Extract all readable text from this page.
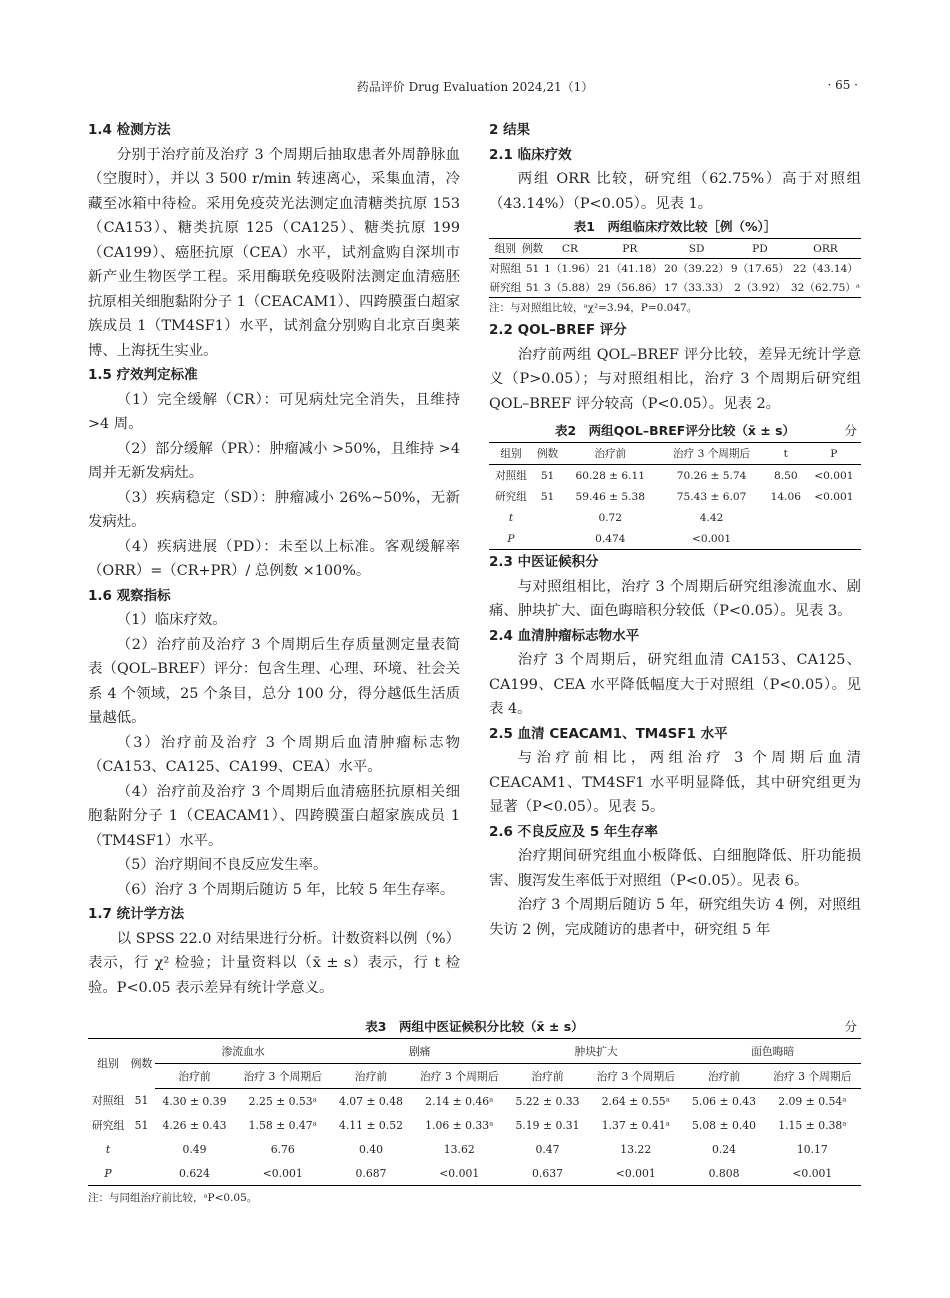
药品评价 Drug Evaluation 2024,21（1）	· 65 ·
1.4 检测方法

分别于治疗前及治疗 3 个周期后抽取患者外周静脉血（空腹时），并以 3 500 r/min 转速离心，采集血清，冷藏至冰箱中待检。采用免疫荧光法测定血清糖类抗原 153（CA153）、糖类抗原 125（CA125）、糖类抗原 199（CA199）、癌胚抗原（CEA）水平，试剂盒购自深圳市新产业生物医学工程。采用酶联免疫吸附法测定血清癌胚抗原相关细胞黏附分子 1（CEACAM1）、四跨膜蛋白超家族成员 1（TM4SF1）水平，试剂盒分别购自北京百奥莱博、上海抚生实业。

1.5 疗效判定标准

（1）完全缓解（CR）：可见病灶完全消失，且维持 >4 周。

（2）部分缓解（PR）：肿瘤减小 >50%，且维持 >4 周并无新发病灶。

（3）疾病稳定（SD）：肿瘤减小 26%~50%，无新发病灶。

（4）疾病进展（PD）：未至以上标准。客观缓解率（ORR）=（CR+PR）/ 总例数 ×100%。

1.6 观察指标

（1）临床疗效。

（2）治疗前及治疗 3 个周期后生存质量测定量表简表（QOL–BREF）评分：包含生理、心理、环境、社会关系 4 个领域，25 个条目，总分 100 分，得分越低生活质量越低。

（3）治疗前及治疗 3 个周期后血清肿瘤标志物（CA153、CA125、CA199、CEA）水平。

（4）治疗前及治疗 3 个周期后血清癌胚抗原相关细胞黏附分子 1（CEACAM1）、四跨膜蛋白超家族成员 1（TM4SF1）水平。

（5）治疗期间不良反应发生率。

（6）治疗 3 个周期后随访 5 年，比较 5 年生存率。

1.7 统计学方法

以 SPSS 22.0 对结果进行分析。计数资料以例（%）表示，行 χ² 检验；计量资料以（x̄ ± s）表示，行 t 检验。P<0.05 表示差异有统计学意义。

2 结果
2.1 临床疗效

两组 ORR 比较，研究组（62.75%）高于对照组（43.14%）（P<0.05）。见表 1。

表1　两组临床疗效比较［例（%）］
组别	例数	CR	PR	SD	PD	ORR
对照组	51	1（1.96）	21（41.18）	20（39.22）	9（17.65）	22（43.14）
研究组	51	3（5.88）	29（56.86）	17（33.33）	2（3.92）	32（62.75）ᵃ
注：与对照组比较，ᵃχ²=3.94，P=0.047。
2.2 QOL–BREF 评分

治疗前两组 QOL–BREF 评分比较，差异无统计学意义（P>0.05）；与对照组相比，治疗 3 个周期后研究组 QOL–BREF 评分较高（P<0.05）。见表 2。

表2　两组QOL–BREF评分比较（x̄ ± s）	分
组别	例数	治疗前	治疗 3 个周期后	t	P
对照组	51	60.28 ± 6.11	70.26 ± 5.74	8.50	<0.001
研究组	51	59.46 ± 5.38	75.43 ± 6.07	14.06	<0.001
t		0.72	4.42		
P		0.474	<0.001		
2.3 中医证候积分

与对照组相比，治疗 3 个周期后研究组渗流血水、剧痛、肿块扩大、面色晦暗积分较低（P<0.05）。见表 3。

2.4 血清肿瘤标志物水平

治疗 3 个周期后，研究组血清 CA153、CA125、CA199、CEA 水平降低幅度大于对照组（P<0.05）。见表 4。

2.5 血清 CEACAM1、TM4SF1 水平

与治疗前相比，两组治疗 3 个周期后血清 CEACAM1、TM4SF1 水平明显降低，其中研究组更为显著（P<0.05）。见表 5。

2.6 不良反应及 5 年生存率

治疗期间研究组血小板降低、白细胞降低、肝功能损害、腹泻发生率低于对照组（P<0.05）。见表 6。

治疗 3 个周期后随访 5 年，研究组失访 4 例，对照组失访 2 例，完成随访的患者中，研究组 5 年

表3　两组中医证候积分比较（x̄ ± s）	分
组别	例数	渗流血水		剧痛		肿块扩大		面色晦暗	
		治疗前	治疗 3 个周期后	治疗前	治疗 3 个周期后	治疗前	治疗 3 个周期后	治疗前	治疗 3 个周期后
对照组	51	4.30 ± 0.39	2.25 ± 0.53ᵃ	4.07 ± 0.48	2.14 ± 0.46ᵃ	5.22 ± 0.33	2.64 ± 0.55ᵃ	5.06 ± 0.43	2.09 ± 0.54ᵃ
研究组	51	4.26 ± 0.43	1.58 ± 0.47ᵃ	4.11 ± 0.52	1.06 ± 0.33ᵃ	5.19 ± 0.31	1.37 ± 0.41ᵃ	5.08 ± 0.40	1.15 ± 0.38ᵃ
t		0.49	6.76	0.40	13.62	0.47	13.22	0.24	10.17
P		0.624	<0.001	0.687	<0.001	0.637	<0.001	0.808	<0.001
注：与同组治疗前比较，ᵃP<0.05。
